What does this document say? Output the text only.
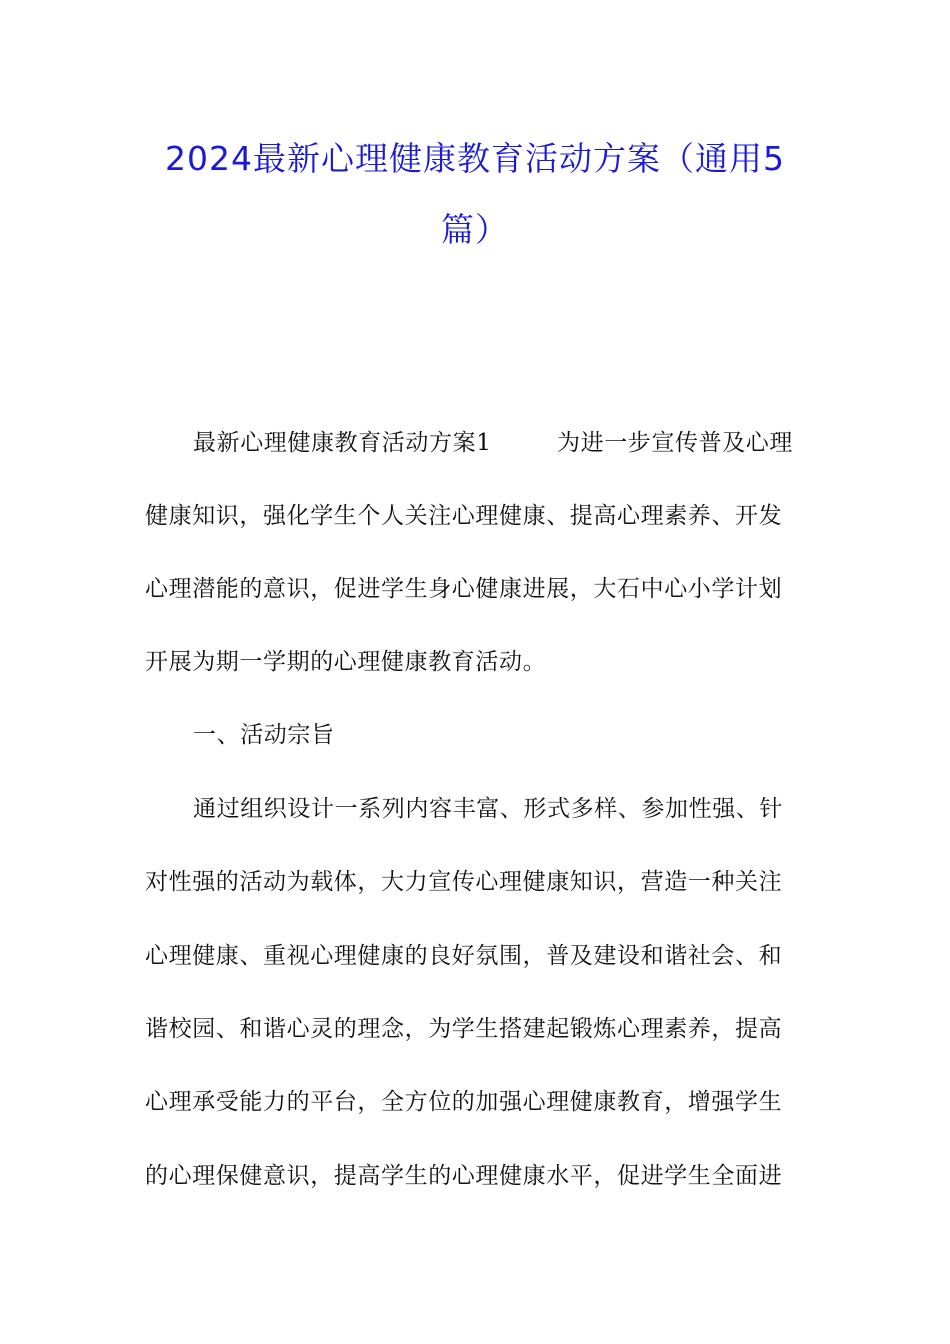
2024最新心理健康教育活动方案（通用5
篇）
最新心理健康教育活动方案1	为进一步宣传普及心理
健康知识，强化学生个人关注心理健康、提高心理素养、开发
心理潜能的意识，促进学生身心健康进展，大石中心小学计划
开展为期一学期的心理健康教育活动。
一、活动宗旨
通过组织设计一系列内容丰富、形式多样、参加性强、针
对性强的活动为载体，大力宣传心理健康知识，营造一种关注
心理健康、重视心理健康的良好氛围，普及建设和谐社会、和
谐校园、和谐心灵的理念，为学生搭建起锻炼心理素养，提高
心理承受能力的平台，全方位的加强心理健康教育，增强学生
的心理保健意识，提高学生的心理健康水平，促进学生全面进
